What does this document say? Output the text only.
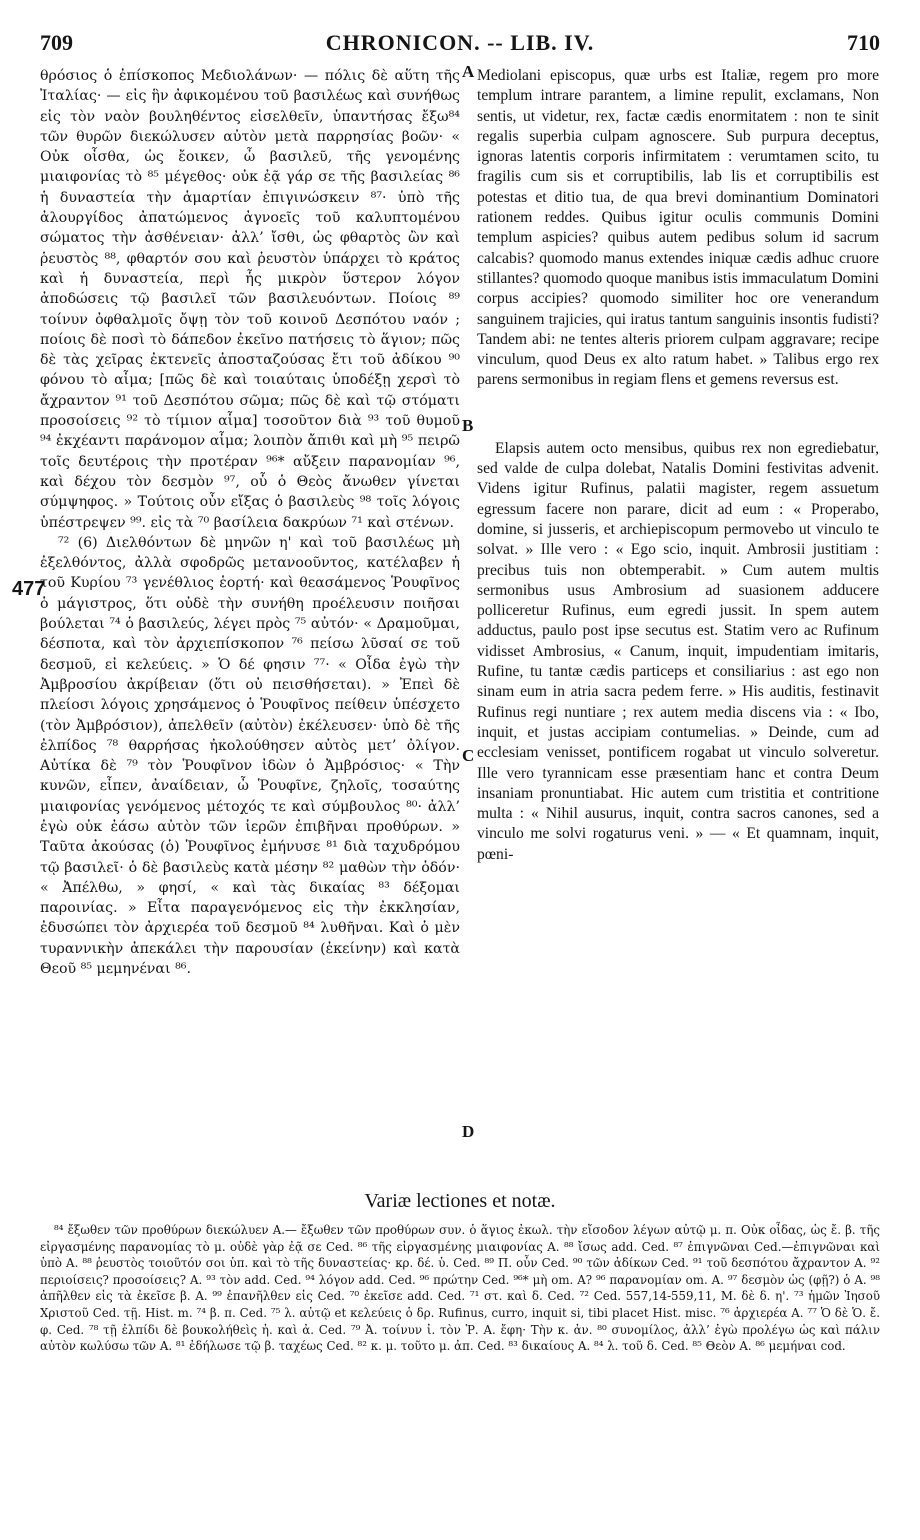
709	CHRONICON. -- LIB. IV.	710

θρόσιος ὁ ἐπίσκοπος Μεδιολάνων· — πόλις δὲ αὕτη τῆς Ἰταλίας· — εἰς ἣν ἀφικομένου τοῦ βασιλέως καὶ συνήθως εἰς τὸν ναὸν βουληθέντος εἰσελθεῖν, ὑπαντήσας ἔξω⁸⁴ τῶν θυρῶν διεκώλυσεν αὐτὸν μετὰ παρρησίας βοῶν· « Οὐκ οἶσθα, ὡς ἔοικεν, ὦ βασιλεῦ, τῆς γενομένης μιαιφονίας τὸ ⁸⁵ μέγεθος· οὐκ ἐᾷ γάρ σε τῆς βασιλείας ⁸⁶ ἡ δυναστεία τὴν ἁμαρτίαν ἐπιγινώσκειν ⁸⁷· ὑπὸ τῆς ἀλουργίδος ἀπατώμενος ἀγνοεῖς τοῦ καλυπτομένου σώματος τὴν ἀσθένειαν· ἀλλ’ ἴσθι, ὡς φθαρτὸς ὢν καὶ ῥευστὸς ⁸⁸, φθαρτόν σου καὶ ῥευστὸν ὑπάρχει τὸ κράτος καὶ ἡ δυναστεία, περὶ ἧς μικρὸν ὕστερον λόγον ἀποδώσεις τῷ βασιλεῖ τῶν βασιλευόντων. Ποίοις ⁸⁹ τοίνυν ὀφθαλμοῖς ὄψῃ τὸν τοῦ κοινοῦ Δεσπότου ναόν ; ποίοις δὲ ποσὶ τὸ δάπεδον ἐκεῖνο πατήσεις τὸ ἅγιον; πῶς δὲ τὰς χεῖρας ἐκτενεῖς ἀποσταζούσας ἔτι τοῦ ἀδίκου ⁹⁰ φόνου τὸ αἷμα; [πῶς δὲ καὶ τοιαύταις ὑποδέξῃ χερσὶ τὸ ἄχραντον ⁹¹ τοῦ Δεσπότου σῶμα; πῶς δὲ καὶ τῷ στόματι προσοίσεις ⁹² τὸ τίμιον αἷμα] τοσοῦτον διὰ ⁹³ τοῦ θυμοῦ ⁹⁴ ἐκχέαντι παράνομον αἷμα; λοιπὸν ἄπιθι καὶ μὴ ⁹⁵ πειρῶ τοῖς δευτέροις τὴν προτέραν ⁹⁶* αὔξειν παρανομίαν ⁹⁶, καὶ δέχου τὸν δεσμὸν ⁹⁷, οὗ ὁ Θεὸς ἄνωθεν γίνεται σύμψηφος. » Τούτοις οὖν εἴξας ὁ βασιλεὺς ⁹⁸ τοῖς λόγοις ὑπέστρεψεν ⁹⁹. εἰς τὰ ⁷⁰ βασίλεια δακρύων ⁷¹ καὶ στένων.

⁷² (6) Διελθόντων δὲ μηνῶν η' καὶ τοῦ βασιλέως μὴ ἐξελθόντος, ἀλλὰ σφοδρῶς μετανοοῦντος, κατέλαβεν ἡ τοῦ Κυρίου ⁷³ γενέθλιος ἑορτή· καὶ θεασάμενος Ῥουφῖνος ὁ μάγιστρος, ὅτι οὐδὲ τὴν συνήθη προέλευσιν ποιῆσαι βούλεται ⁷⁴ ὁ βασιλεύς, λέγει πρὸς ⁷⁵ αὐτόν· « Δραμοῦμαι, δέσποτα, καὶ τὸν ἀρχιεπίσκοπον ⁷⁶ πείσω λῦσαί σε τοῦ δεσμοῦ, εἰ κελεύεις. » Ὁ δέ φησιν ⁷⁷· « Οἶδα ἐγὼ τὴν Ἀμβροσίου ἀκρίβειαν (ὅτι οὐ πεισθήσεται). » Ἐπεὶ δὲ πλείοσι λόγοις χρησάμενος ὁ Ῥουφῖνος πείθειν ὑπέσχετο (τὸν Ἀμβρόσιον), ἀπελθεῖν (αὐτὸν) ἐκέλευσεν· ὑπὸ δὲ τῆς ἐλπίδος ⁷⁸ θαρρήσας ἠκολούθησεν αὐτὸς μετ’ ὀλίγον. Αὐτίκα δὲ ⁷⁹ τὸν Ῥουφῖνον ἰδὼν ὁ Ἀμβρόσιος· « Τὴν κυνῶν, εἶπεν, ἀναίδειαν, ὦ Ῥουφῖνε, ζηλοῖς, τοσαύτης μιαιφονίας γενόμενος μέτοχός τε καὶ σύμβουλος ⁸⁰· ἀλλ’ ἐγὼ οὐκ ἐάσω αὐτὸν τῶν ἱερῶν ἐπιβῆναι προθύρων. » Ταῦτα ἀκούσας (ὁ) Ῥουφῖνος ἐμήνυσε ⁸¹ διὰ ταχυδρόμου τῷ βασιλεῖ· ὁ δὲ βασιλεὺς κατὰ μέσην ⁸² μαθὼν τὴν ὁδόν· « Ἀπέλθω, » φησί, « καὶ τὰς δικαίας ⁸³ δέξομαι παροινίας. » Εἶτα παραγενόμενος εἰς τὴν ἐκκλησίαν, ἐδυσώπει τὸν ἀρχιερέα τοῦ δεσμοῦ ⁸⁴ λυθῆναι. Καὶ ὁ μὲν τυραννικὴν ἀπεκάλει τὴν παρουσίαν (ἐκείνην) καὶ κατὰ Θεοῦ ⁸⁵ μεμηνέναι ⁸⁶.

A
B
C
D
477

Mediolani episcopus, quæ urbs est Italiæ, regem pro more templum intrare parantem, a limine repulit, exclamans, Non sentis, ut videtur, rex, factæ cædis enormitatem : non te sinit regalis superbia culpam agnoscere. Sub purpura deceptus, ignoras latentis corporis infirmitatem : verumtamen scito, tu fragilis cum sis et corruptibilis, lab lis et corruptibilis est potestas et ditio tua, de qua brevi dominantium Dominatori rationem reddes. Quibus igitur oculis communis Domini templum aspicies? quibus autem pedibus solum id sacrum calcabis? quomodo manus extendes iniquæ cædis adhuc cruore stillantes? quomodo quoque manibus istis immaculatum Domini corpus accipies? quomodo similiter hoc ore venerandum sanguinem trajicies, qui iratus tantum sanguinis insontis fudisti? Tandem abi: ne tentes alteris priorem culpam aggravare; recipe vinculum, quod Deus ex alto ratum habet. » Talibus ergo rex parens sermonibus in regiam flens et gemens reversus est.

Elapsis autem octo mensibus, quibus rex non egrediebatur, sed valde de culpa dolebat, Natalis Domini festivitas advenit. Videns igitur Rufinus, palatii magister, regem assuetum egressum facere non parare, dicit ad eum : « Properabo, domine, si jusseris, et archiepiscopum permovebo ut vinculo te solvat. » Ille vero : « Ego scio, inquit. Ambrosii justitiam : precibus tuis non obtemperabit. » Cum autem multis sermonibus usus Ambrosium ad suasionem adducere polliceretur Rufinus, eum egredi jussit. In spem autem adductus, paulo post ipse secutus est. Statim vero ac Rufinum vidisset Ambrosius, « Canum, inquit, impudentiam imitaris, Rufine, tu tantæ cædis particeps et consiliarius : ast ego non sinam eum in atria sacra pedem ferre. » His auditis, festinavit Rufinus regi nuntiare ; rex autem media discens via : « Ibo, inquit, et justas accipiam contumelias. » Deinde, cum ad ecclesiam venisset, pontificem rogabat ut vinculo solveretur. Ille vero tyrannicam esse præsentiam hanc et contra Deum insaniam pronuntiabat. Hic autem cum tristitia et contritione multa : « Nihil ausurus, inquit, contra sacros canones, sed a vinculo me solvi rogaturus veni. » — « Et quamnam, inquit, pœni-

Variæ lectiones et notæ.

⁸⁴ ἔξωθεν τῶν προθύρων διεκώλυεν A.— ἔξωθεν τῶν προθύρων συν. ὁ ἅγιος ἐκωλ. τὴν εἴσοδον λέγων αὐτῷ μ. π. Οὐκ οἶδας, ὡς ἔ. β. τῆς εἰργασμένης παρανομίας τὸ μ. οὐδὲ γὰρ ἐᾷ σε Ced. ⁸⁶ τῆς εἰργασμένης μιαιφονίας A. ⁸⁸ ἴσως add. Ced. ⁸⁷ ἐπιγνῶναι Ced.—ἐπιγνῶναι καὶ ὑπὸ A. ⁸⁸ ῥευστὸς τοιοῦτόν σοι ὑπ. καὶ τὸ τῆς δυναστείας· κρ. δέ. ὑ. Ced. ⁸⁹ Π. οὖν Ced. ⁹⁰ τῶν ἀδίκων Ced. ⁹¹ τοῦ δεσπότου ἄχραντον A. ⁹² περιοίσεις? προσοίσεις? A. ⁹³ τὸν add. Ced. ⁹⁴ λόγον add. Ced. ⁹⁶ πρώτην Ced. ⁹⁶* μὴ om. A? ⁹⁶ παρανομίαν om. A. ⁹⁷ δεσμὸν ὡς (φῇ?) ὁ A. ⁹⁸ ἀπῆλθεν εἰς τὰ ἐκεῖσε β. A. ⁹⁹ ἐπανῆλθεν εἰς Ced. ⁷⁰ ἐκεῖσε add. Ced. ⁷¹ στ. καὶ δ. Ced. ⁷² Ced. 557,14-559,11, M. δὲ δ. η'. ⁷³ ἡμῶν Ἰησοῦ Χριστοῦ Ced. τῇ. Hist. m. ⁷⁴ β. π. Ced. ⁷⁵ λ. αὐτῷ et κελεύεις ὁ δρ. Rufinus, curro, inquit si, tibi placet Hist. misc. ⁷⁶ ἀρχιερέα A. ⁷⁷ Ὁ δὲ Ὁ. ἔ. φ. Ced. ⁷⁸ τῇ ἐλπίδι δὲ βουκολήθεὶς ἠ. καὶ ἀ. Ced. ⁷⁹ Ἀ. τοίνυν ἰ. τὸν Ῥ. A. ἔφη· Τὴν κ. ἀν. ⁸⁰ συνομίλος, ἀλλ’ ἐγὼ προλέγω ὡς καὶ πάλιν αὐτὸν κωλύσω τῶν A. ⁸¹ ἐδήλωσε τῷ β. ταχέως Ced. ⁸² κ. μ. τοῦτο μ. ἀπ. Ced. ⁸³ δικαίους A. ⁸⁴ λ. τοῦ δ. Ced. ⁸⁵ Θεὸν A. ⁸⁶ μεμήναι cod.
